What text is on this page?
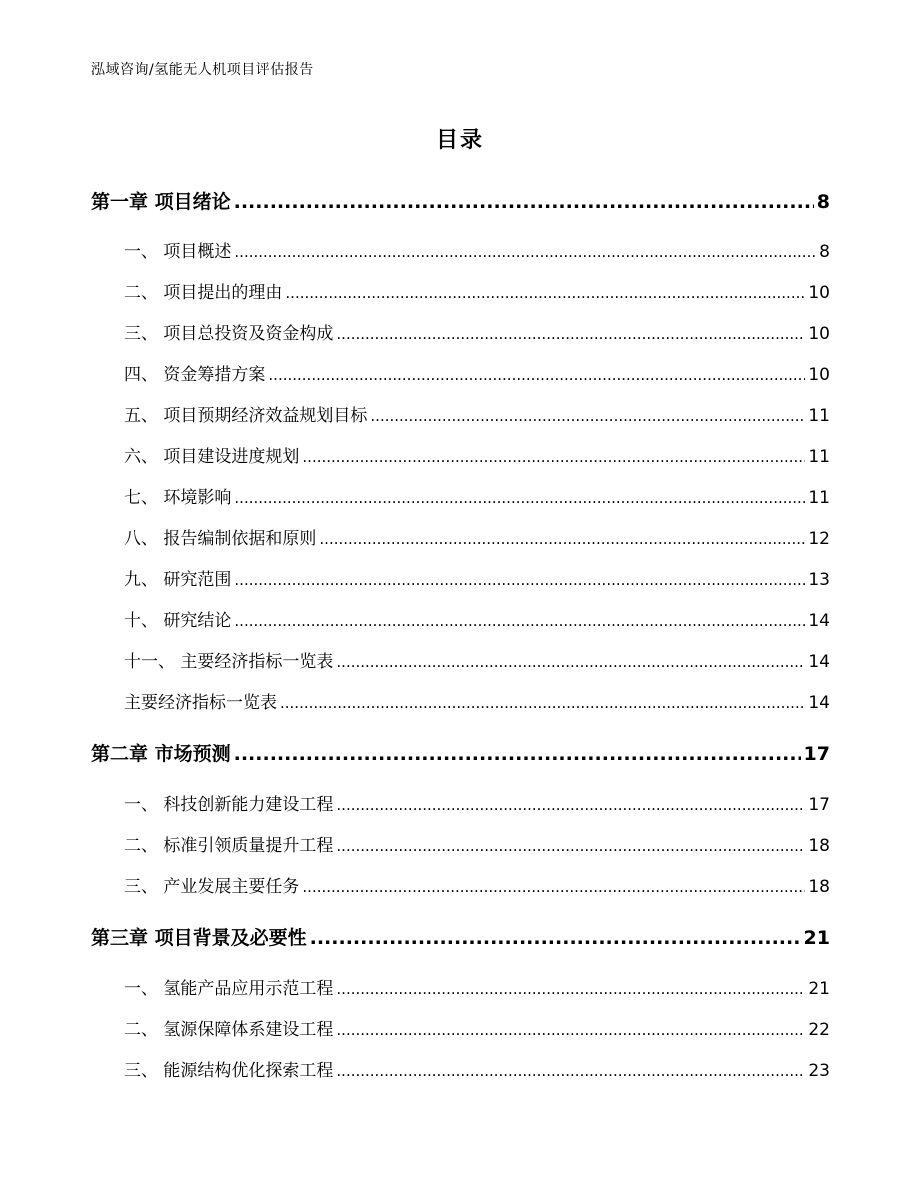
泓域咨询/氢能无人机项目评估报告
目录
第一章 项目绪论 .....	8
一、 项目概述 .....	8
二、 项目提出的理由 .....	10
三、 项目总投资及资金构成 .....	10
四、 资金筹措方案 .....	10
五、 项目预期经济效益规划目标 .....	11
六、 项目建设进度规划 .....	11
七、 环境影响 .....	11
八、 报告编制依据和原则 .....	12
九、 研究范围 .....	13
十、 研究结论 .....	14
十一、 主要经济指标一览表 .....	14
主要经济指标一览表 .....	14
第二章 市场预测 .....	17
一、 科技创新能力建设工程 .....	17
二、 标准引领质量提升工程 .....	18
三、 产业发展主要任务 .....	18
第三章 项目背景及必要性 .....	21
一、 氢能产品应用示范工程 .....	21
二、 氢源保障体系建设工程 .....	22
三、 能源结构优化探索工程 .....	23
